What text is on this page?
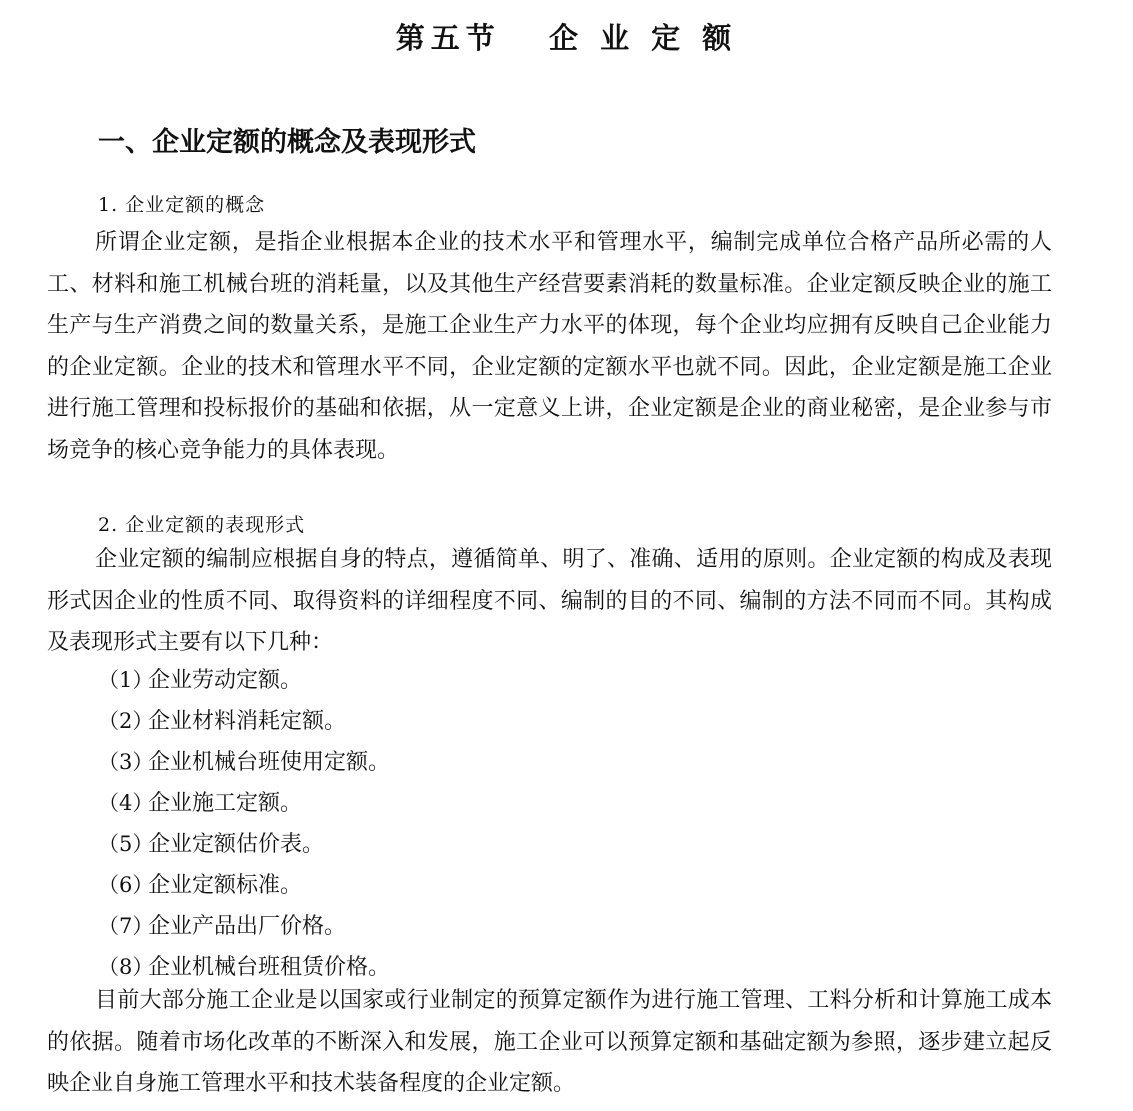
第五节   企 业 定 额
一、企业定额的概念及表现形式
1. 企业定额的概念

所谓企业定额，是指企业根据本企业的技术水平和管理水平，编制完成单位合格产品所必需的人工、材料和施工机械台班的消耗量，以及其他生产经营要素消耗的数量标准。企业定额反映企业的施工生产与生产消费之间的数量关系，是施工企业生产力水平的体现，每个企业均应拥有反映自己企业能力的企业定额。企业的技术和管理水平不同，企业定额的定额水平也就不同。因此，企业定额是施工企业进行施工管理和投标报价的基础和依据，从一定意义上讲，企业定额是企业的商业秘密，是企业参与市场竞争的核心竞争能力的具体表现。

2. 企业定额的表现形式

企业定额的编制应根据自身的特点，遵循简单、明了、准确、适用的原则。企业定额的构成及表现形式因企业的性质不同、取得资料的详细程度不同、编制的目的不同、编制的方法不同而不同。其构成及表现形式主要有以下几种：

（1）企业劳动定额。
（2）企业材料消耗定额。
（3）企业机械台班使用定额。
（4）企业施工定额。
（5）企业定额估价表。
（6）企业定额标准。
（7）企业产品出厂价格。
（8）企业机械台班租赁价格。

目前大部分施工企业是以国家或行业制定的预算定额作为进行施工管理、工料分析和计算施工成本的依据。随着市场化改革的不断深入和发展，施工企业可以预算定额和基础定额为参照，逐步建立起反映企业自身施工管理水平和技术装备程度的企业定额。
